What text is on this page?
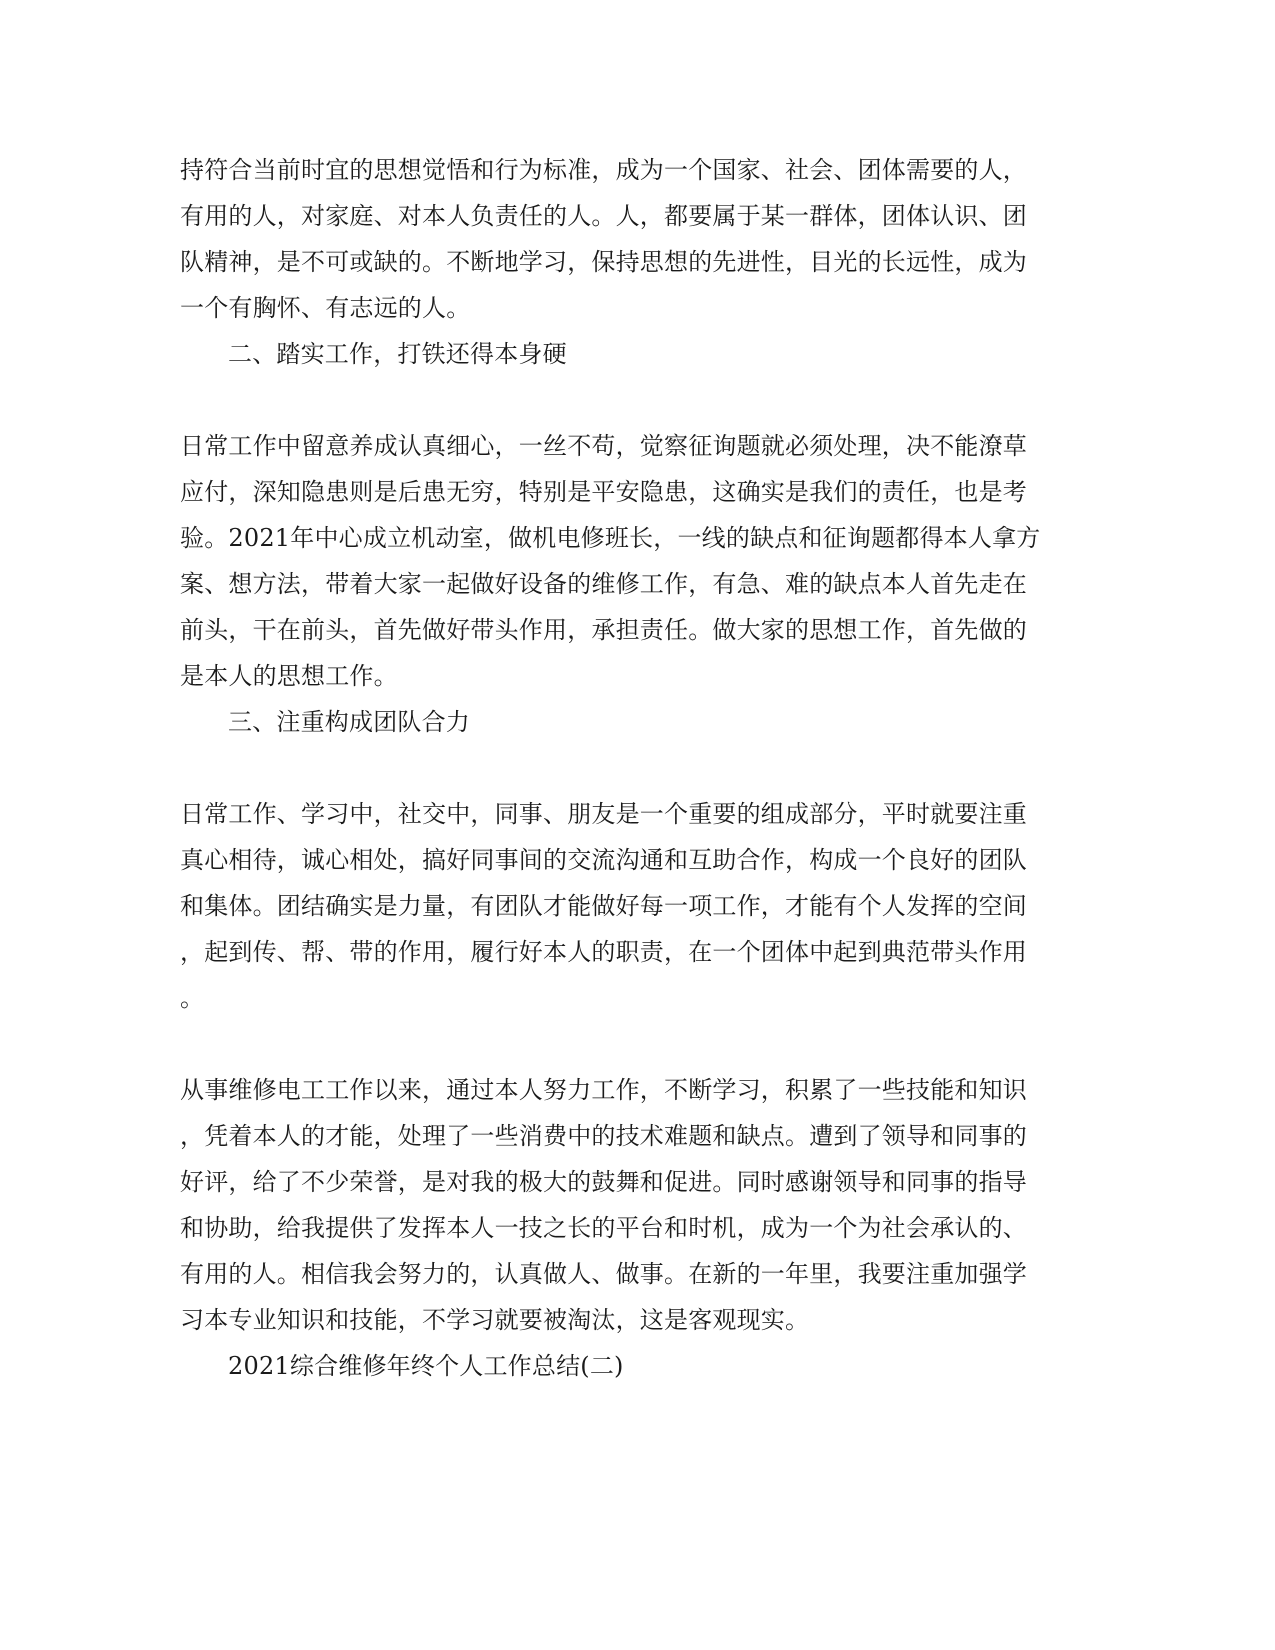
持符合当前时宜的思想觉悟和行为标准，成为一个国家、社会、团体需要的人，
有用的人，对家庭、对本人负责任的人。人，都要属于某一群体，团体认识、团
队精神，是不可或缺的。不断地学习，保持思想的先进性，目光的长远性，成为
一个有胸怀、有志远的人。
二、踏实工作，打铁还得本身硬
日常工作中留意养成认真细心，一丝不苟，觉察征询题就必须处理，决不能潦草
应付，深知隐患则是后患无穷，特别是平安隐患，这确实是我们的责任，也是考
验。2021年中心成立机动室，做机电修班长，一线的缺点和征询题都得本人拿方
案、想方法，带着大家一起做好设备的维修工作，有急、难的缺点本人首先走在
前头，干在前头，首先做好带头作用，承担责任。做大家的思想工作，首先做的
是本人的思想工作。
三、注重构成团队合力
日常工作、学习中，社交中，同事、朋友是一个重要的组成部分，平时就要注重
真心相待，诚心相处，搞好同事间的交流沟通和互助合作，构成一个良好的团队
和集体。团结确实是力量，有团队才能做好每一项工作，才能有个人发挥的空间
，起到传、帮、带的作用，履行好本人的职责，在一个团体中起到典范带头作用
。
从事维修电工工作以来，通过本人努力工作，不断学习，积累了一些技能和知识
，凭着本人的才能，处理了一些消费中的技术难题和缺点。遭到了领导和同事的
好评，给了不少荣誉，是对我的极大的鼓舞和促进。同时感谢领导和同事的指导
和协助，给我提供了发挥本人一技之长的平台和时机，成为一个为社会承认的、
有用的人。相信我会努力的，认真做人、做事。在新的一年里，我要注重加强学
习本专业知识和技能，不学习就要被淘汰，这是客观现实。
2021综合维修年终个人工作总结(二)
